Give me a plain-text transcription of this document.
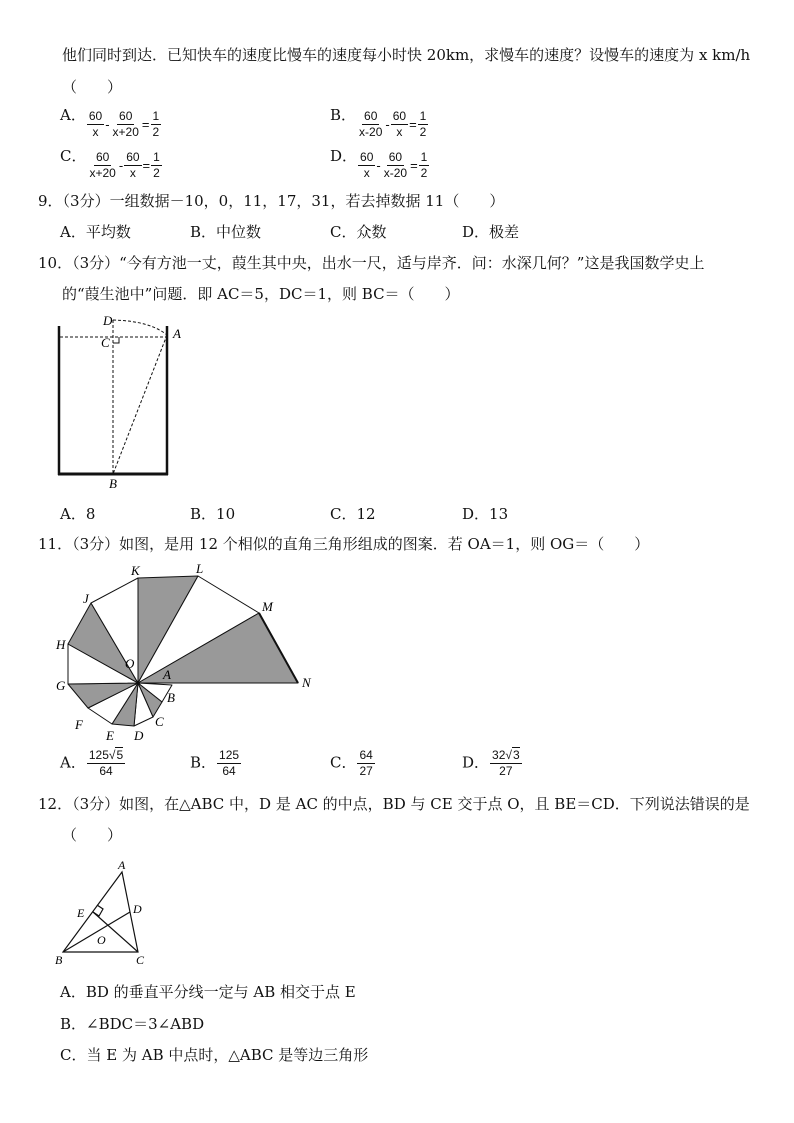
他们同时到达．已知快车的速度比慢车的速度每小时快 20km，求慢车的速度？设慢车的速度为 x km/h
（　　）
A． $\frac{60}{x} - \frac{60}{x+20} = \frac{1}{2}$	B． $\frac{60}{x-20} - \frac{60}{x} = \frac{1}{2}$
C． $\frac{60}{x+20} - \frac{60}{x} = \frac{1}{2}$	D． $\frac{60}{x} - \frac{60}{x-20} = \frac{1}{2}$
9．（3分）一组数据－10，0，11，17，31，若去掉数据 11（　　）
A．平均数	B．中位数	C．众数	D．极差
10．（3分）“今有方池一丈，葭生其中央，出水一尺，适与岸齐．问：水深几何？”这是我国数学史上
的“葭生池中”问题．即 AC＝5，DC＝1，则 BC＝（　　）
D
C
A
B
A．8	B．10	C．12	D．13
11．（3分）如图，是用 12 个相似的直角三角形组成的图案．若 OA＝1，则 OG＝（　　）
K	L
J
M
H
O
A
N
G
B
F
E D
C
A． $\frac{125√5}{64}$	B． $\frac{125}{64}$	C． $\frac{64}{27}$	D． $\frac{32√3}{27}$
12．（3分）如图，在△ABC 中，D 是 AC 的中点，BD 与 CE 交于点 O，且 BE＝CD．下列说法错误的是
（　　）
A
E	D
O
B	C
A．BD 的垂直平分线一定与 AB 相交于点 E
B．∠BDC＝3∠ABD
C．当 E 为 AB 中点时，△ABC 是等边三角形
